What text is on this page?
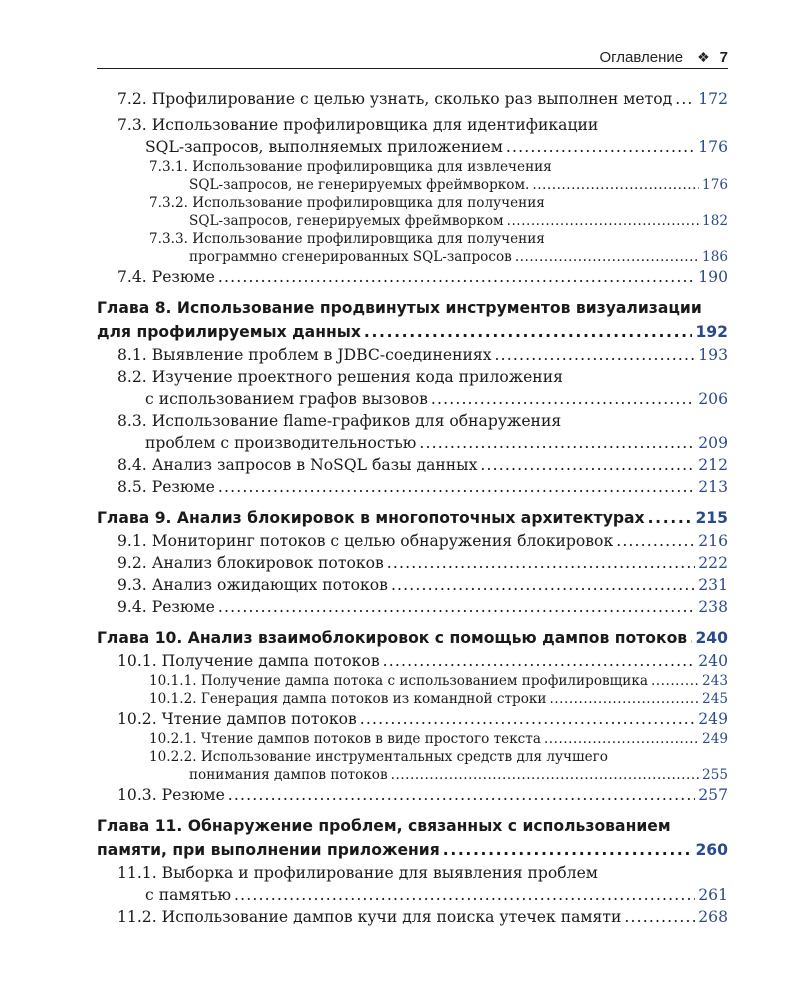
Оглавление ❖ 7
7.2. Профилирование с целью узнать, сколько раз выполнен метод . . . 172
7.3. Использование профилировщика для идентификации
SQL-запросов, выполняемых приложением . . .	176
7.3.1. Использование профилировщика для извлечения
SQL-запросов, не генерируемых фреймворком. . . .	176
7.3.2. Использование профилировщика для получения
SQL-запросов, генерируемых фреймворком . . .	182
7.3.3. Использование профилировщика для получения
программно сгенерированных SQL-запросов . . .	186
7.4. Резюме . . .	190
Глава 8. Использование продвинутых инструментов визуализации
для профилируемых данных . . .	192
8.1. Выявление проблем в JDBC-соединениях . . .	193
8.2. Изучение проектного решения кода приложения
с использованием графов вызовов . . .	206
8.3. Использование flame-графиков для обнаружения
проблем с производительностью . . .	209
8.4. Анализ запросов в NoSQL базы данных . . .	212
8.5. Резюме . . .	213
Глава 9. Анализ блокировок в многопоточных архитектурах . . .	215
9.1. Мониторинг потоков с целью обнаружения блокировок . . .	216
9.2. Анализ блокировок потоков . . .	222
9.3. Анализ ожидающих потоков . . .	231
9.4. Резюме . . .	238
Глава 10. Анализ взаимоблокировок с помощью дампов потоков . . . 240
10.1. Получение дампа потоков . . .	240
10.1.1. Получение дампа потока с использованием профилировщика . . .	243
10.1.2. Генерация дампа потоков из командной строки . . .	245
10.2. Чтение дампов потоков . . .	249
10.2.1. Чтение дампов потоков в виде простого текста . . .	249
10.2.2. Использование инструментальных средств для лучшего
понимания дампов потоков . . .	255
10.3. Резюме . . .	257
Глава 11. Обнаружение проблем, связанных с использованием
памяти, при выполнении приложения . . .	260
11.1. Выборка и профилирование для выявления проблем
с памятью . . .	261
11.2. Использование дампов кучи для поиска утечек памяти . . .	268
